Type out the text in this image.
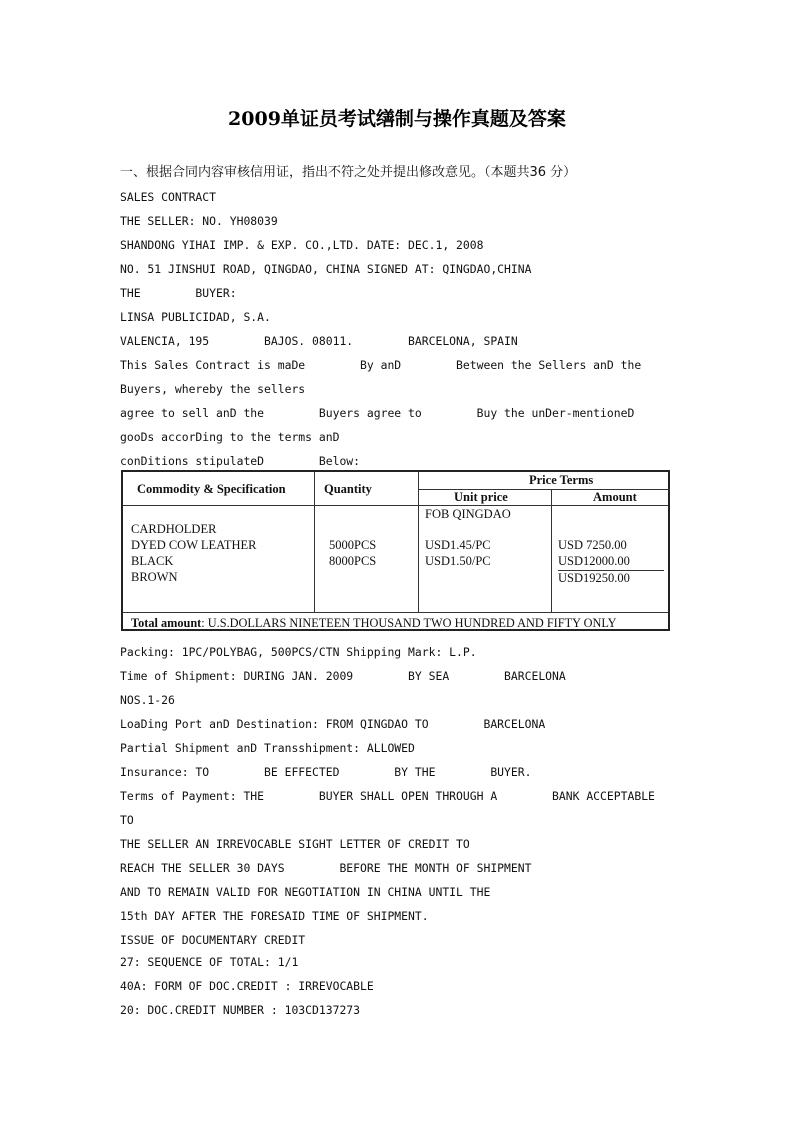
2009单证员考试缮制与操作真题及答案
一、根据合同内容审核信用证，指出不符之处并提出修改意见。（本题共36 分）
SALES CONTRACT
THE SELLER: NO. YH08039
SHANDONG YIHAI IMP. & EXP. CO.,LTD. DATE: DEC.1, 2008
NO. 51 JINSHUI ROAD, QINGDAO, CHINA SIGNED AT: QINGDAO,CHINA
THE        BUYER:
LINSA PUBLICIDAD, S.A.
VALENCIA, 195        BAJOS. 08011.        BARCELONA, SPAIN
This Sales Contract is maDe        By anD        Between the Sellers anD the
Buyers, whereby the sellers
agree to sell anD the        Buyers agree to        Buy the unDer-mentioneD
gooDs accorDing to the terms anD
conDitions stipulateD        Below:
Commodity & Specification	Quantity
Price Terms
Unit price	Amount
FOB QINGDAO
CARDHOLDER
DYED COW LEATHER
BLACK
BROWN
5000PCS
8000PCS
USD1.45/PC
USD1.50/PC
USD 7250.00
USD12000.00
USD19250.00
Total amount: U.S.DOLLARS NINETEEN THOUSAND TWO HUNDRED AND FIFTY ONLY
Packing: 1PC/POLYBAG, 500PCS/CTN Shipping Mark: L.P.
Time of Shipment: DURING JAN. 2009        BY SEA        BARCELONA
NOS.1-26
LoaDing Port anD Destination: FROM QINGDAO TO        BARCELONA
Partial Shipment anD Transshipment: ALLOWED
Insurance: TO        BE EFFECTED        BY THE        BUYER.
Terms of Payment: THE        BUYER SHALL OPEN THROUGH A        BANK ACCEPTABLE
TO
THE SELLER AN IRREVOCABLE SIGHT LETTER OF CREDIT TO
REACH THE SELLER 30 DAYS        BEFORE THE MONTH OF SHIPMENT
AND TO REMAIN VALID FOR NEGOTIATION IN CHINA UNTIL THE
15th DAY AFTER THE FORESAID TIME OF SHIPMENT.
ISSUE OF DOCUMENTARY CREDIT
27: SEQUENCE OF TOTAL: 1/1
40A: FORM OF DOC.CREDIT : IRREVOCABLE
20: DOC.CREDIT NUMBER : 103CD137273
